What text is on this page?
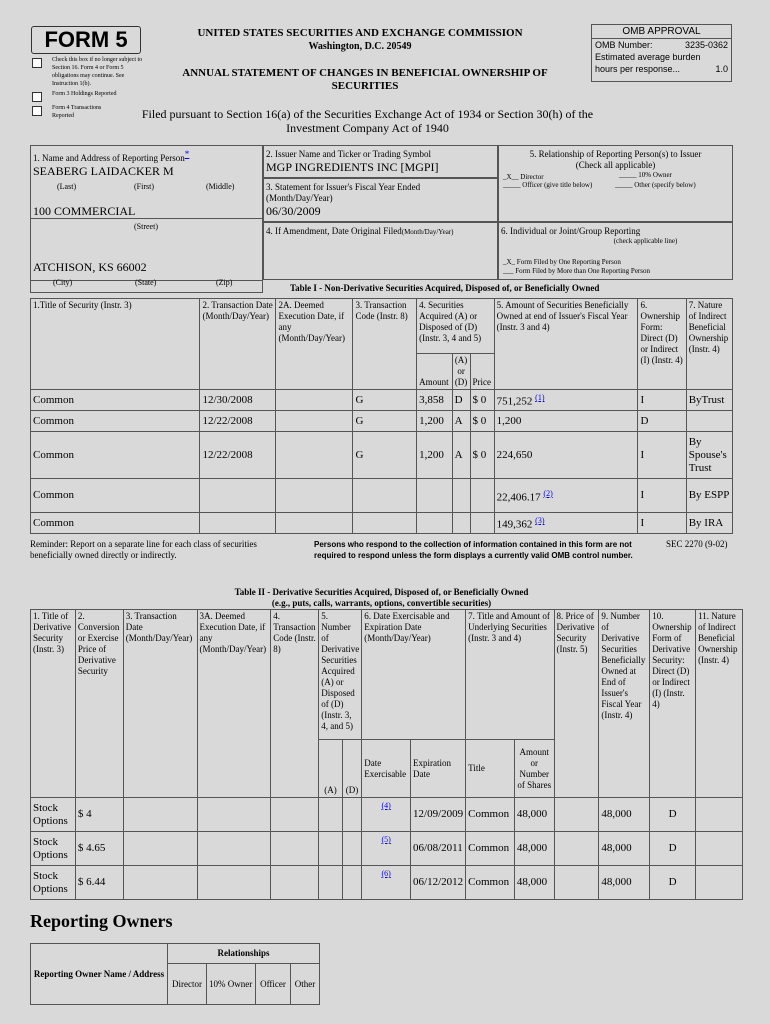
FORM 5
Check this box if no longer subject to Section 16. Form 4 or Form 5 obligations may continue. See Instruction 1(b).
Form 3 Holdings Reported
Form 4 Transactions Reported
UNITED STATES SECURITIES AND EXCHANGE COMMISSION
Washington, D.C. 20549
ANNUAL STATEMENT OF CHANGES IN BENEFICIAL OWNERSHIP OF SECURITIES
Filed pursuant to Section 16(a) of the Securities Exchange Act of 1934 or Section 30(h) of the Investment Company Act of 1940
OMB APPROVAL
OMB Number:	3235-0362
Estimated average burden
hours per response...	1.0
1. Name and Address of Reporting Person*
SEABERG LAIDACKER M
(Last)	(First)	(Middle)
100 COMMERCIAL
(Street)
ATCHISON, KS 66002
(City)	(State)	(Zip)
2. Issuer Name and Ticker or Trading Symbol
MGP INGREDIENTS INC [MGPI]
3. Statement for Issuer's Fiscal Year Ended (Month/Day/Year)
06/30/2009
4. If Amendment, Date Original Filed(Month/Day/Year)
5. Relationship of Reporting Person(s) to Issuer
(Check all applicable)
_X__ Director	_____ 10% Owner
_____ Officer (give title below)	_____ Other (specify below)
6. Individual or Joint/Group Reporting
(check applicable line)
_X_ Form Filed by One Reporting Person
___ Form Filed by More than One Reporting Person
Table I - Non-Derivative Securities Acquired, Disposed of, or Beneficially Owned
1.Title of Security (Instr. 3)	2. Transaction Date (Month/Day/Year)	2A. Deemed Execution Date, if any (Month/Day/Year)	3. Transaction Code (Instr. 8)	4. Securities Acquired (A) or Disposed of (D) (Instr. 3, 4 and 5)			5. Amount of Securities Beneficially Owned at end of Issuer's Fiscal Year (Instr. 3 and 4)	6. Ownership Form: Direct (D) or Indirect (I) (Instr. 4)	7. Nature of Indirect Beneficial Ownership (Instr. 4)
				Amount	(A) or (D)	Price			
Common	12/30/2008		G	3,858	D	$ 0	751,252 $^{(1)}$	I	ByTrust
Common	12/22/2008		G	1,200	A	$ 0	1,200	D	
Common	12/22/2008		G	1,200	A	$ 0	224,650	I	By Spouse's Trust
Common							22,406.17 $^{(2)}$	I	By ESPP
Common							149,362 $^{(3)}$	I	By IRA
Reminder: Report on a separate line for each class of securities beneficially owned directly or indirectly.
Persons who respond to the collection of information contained in this form are not required to respond unless the form displays a currently valid OMB control number.
SEC 2270 (9-02)
Table II - Derivative Securities Acquired, Disposed of, or Beneficially Owned
(e.g., puts, calls, warrants, options, convertible securities)
1. Title of Derivative Security (Instr. 3)	2. Conversion or Exercise Price of Derivative Security	3. Transaction Date (Month/Day/Year)	3A. Deemed Execution Date, if any (Month/Day/Year)	4. Transaction Code (Instr. 8)	5. Number of Derivative Securities Acquired (A) or Disposed of (D) (Instr. 3, 4, and 5)		6. Date Exercisable and Expiration Date (Month/Day/Year)		7. Title and Amount of Underlying Securities (Instr. 3 and 4)		8. Price of Derivative Security (Instr. 5)	9. Number of Derivative Securities Beneficially Owned at End of Issuer's Fiscal Year (Instr. 4)	10. Ownership Form of Derivative Security: Direct (D) or Indirect (I) (Instr. 4)	11. Nature of Indirect Beneficial Ownership (Instr. 4)
					(A)	(D)	Date Exercisable	Expiration Date	Title	Amount or Number of Shares				
Stock Options	$ 4						$^{(4)}$	12/09/2009	Common	48,000		48,000	D	
Stock Options	$ 4.65						$^{(5)}$	06/08/2011	Common	48,000		48,000	D	
Stock Options	$ 6.44						$^{(6)}$	06/12/2012	Common	48,000		48,000	D	
Reporting Owners
Reporting Owner Name / Address	Relationships			
	Director	10% Owner	Officer	Other
